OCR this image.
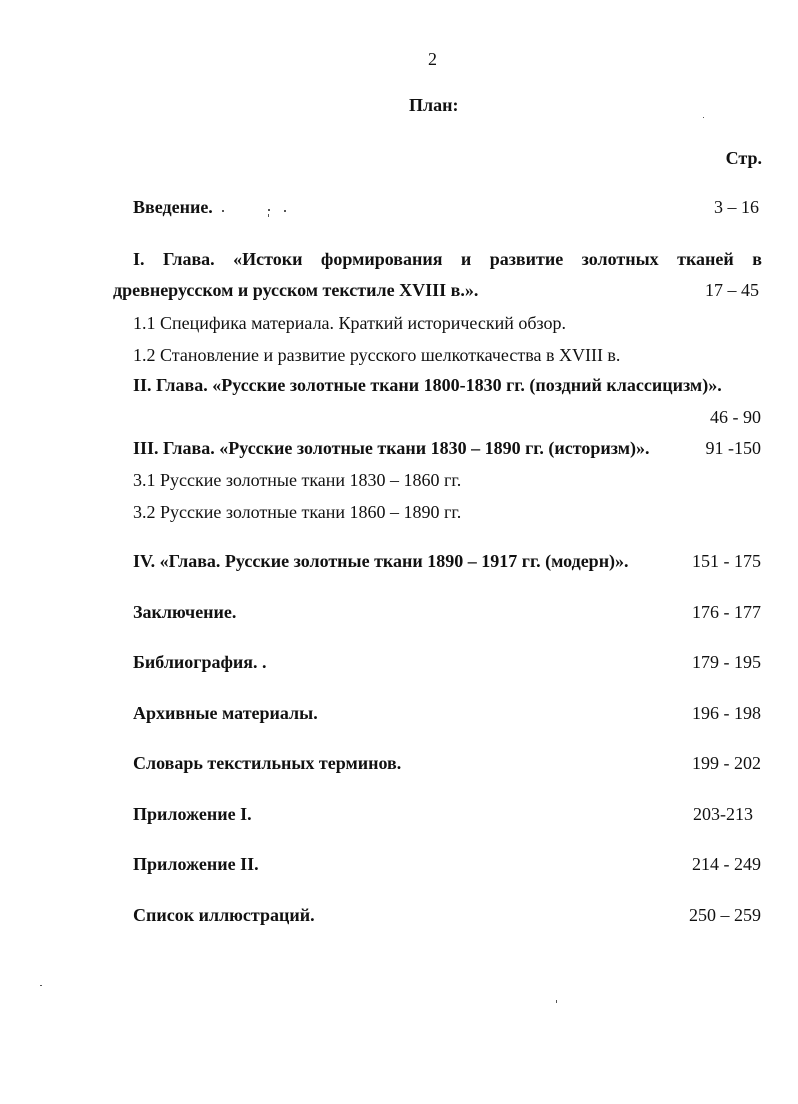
2
План:
Стр.
Введение.	3 – 16
I. Глава. «Истоки формирования и развитие золотных тканей в
древнерусском и русском текстиле XVIII в.».	17 – 45
1.1 Специфика материала. Краткий исторический обзор.
1.2 Становление и развитие русского шелкоткачества в XVIII в.
II. Глава. «Русские золотные ткани 1800-1830 гг. (поздний классицизм)».
46 - 90
III. Глава. «Русские золотные ткани 1830 – 1890 гг. (историзм)».	91 -150
3.1 Русские золотные ткани 1830 – 1860 гг.
3.2 Русские золотные ткани 1860 – 1890 гг.
IV. «Глава. Русские золотные ткани 1890 – 1917 гг. (модерн)».	151 - 175
Заключение.	176 - 177
Библиография. .	179 - 195
Архивные материалы.	196 - 198
Словарь текстильных терминов.	199 - 202
Приложение I.	203-213
Приложение II.	214 - 249
Список иллюстраций.	250 – 259
